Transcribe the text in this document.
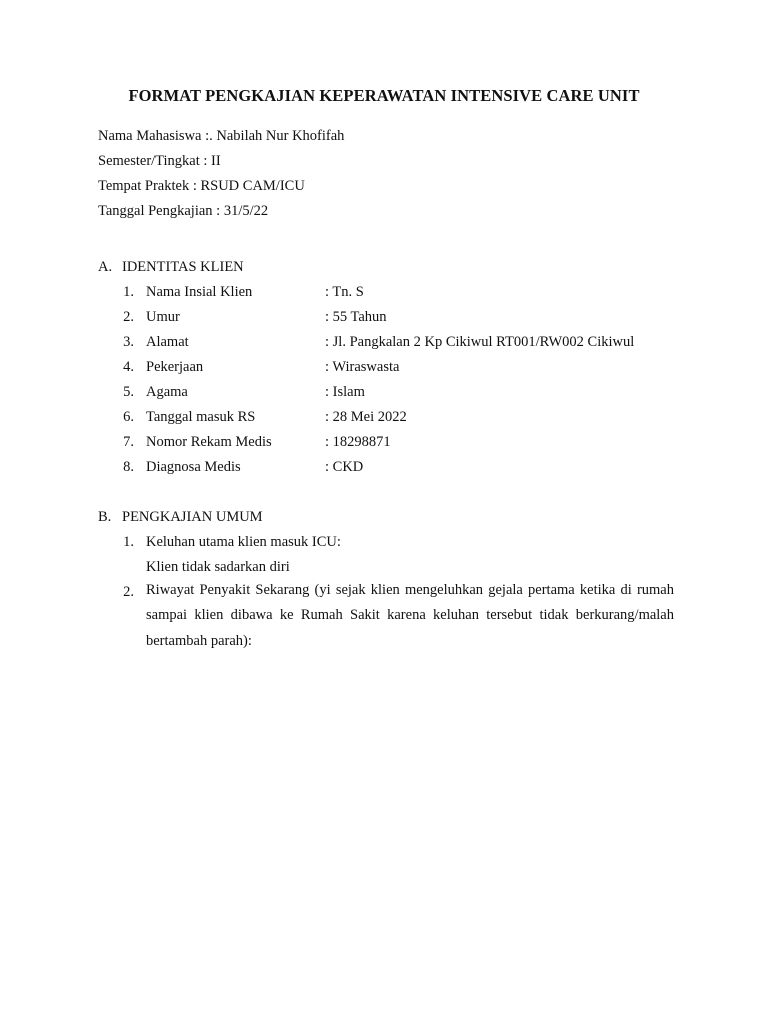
FORMAT PENGKAJIAN KEPERAWATAN INTENSIVE CARE UNIT
Nama Mahasiswa :. Nabilah Nur Khofifah
Semester/Tingkat : II
Tempat Praktek : RSUD CAM/ICU
Tanggal Pengkajian : 31/5/22
A. IDENTITAS KLIEN
1. Nama Insial Klien	: Tn. S
2. Umur	: 55 Tahun
3. Alamat	: Jl. Pangkalan 2 Kp Cikiwul RT001/RW002 Cikiwul
4. Pekerjaan	: Wiraswasta
5. Agama	: Islam
6. Tanggal masuk RS	: 28 Mei 2022
7. Nomor Rekam Medis	: 18298871
8. Diagnosa Medis	: CKD
B. PENGKAJIAN UMUM
1. Keluhan utama klien masuk ICU:
Klien tidak sadarkan diri
2. Riwayat Penyakit Sekarang (yi sejak klien mengeluhkan gejala pertama ketika di rumah sampai klien dibawa ke Rumah Sakit karena keluhan tersebut tidak berkurang/malah bertambah parah):
